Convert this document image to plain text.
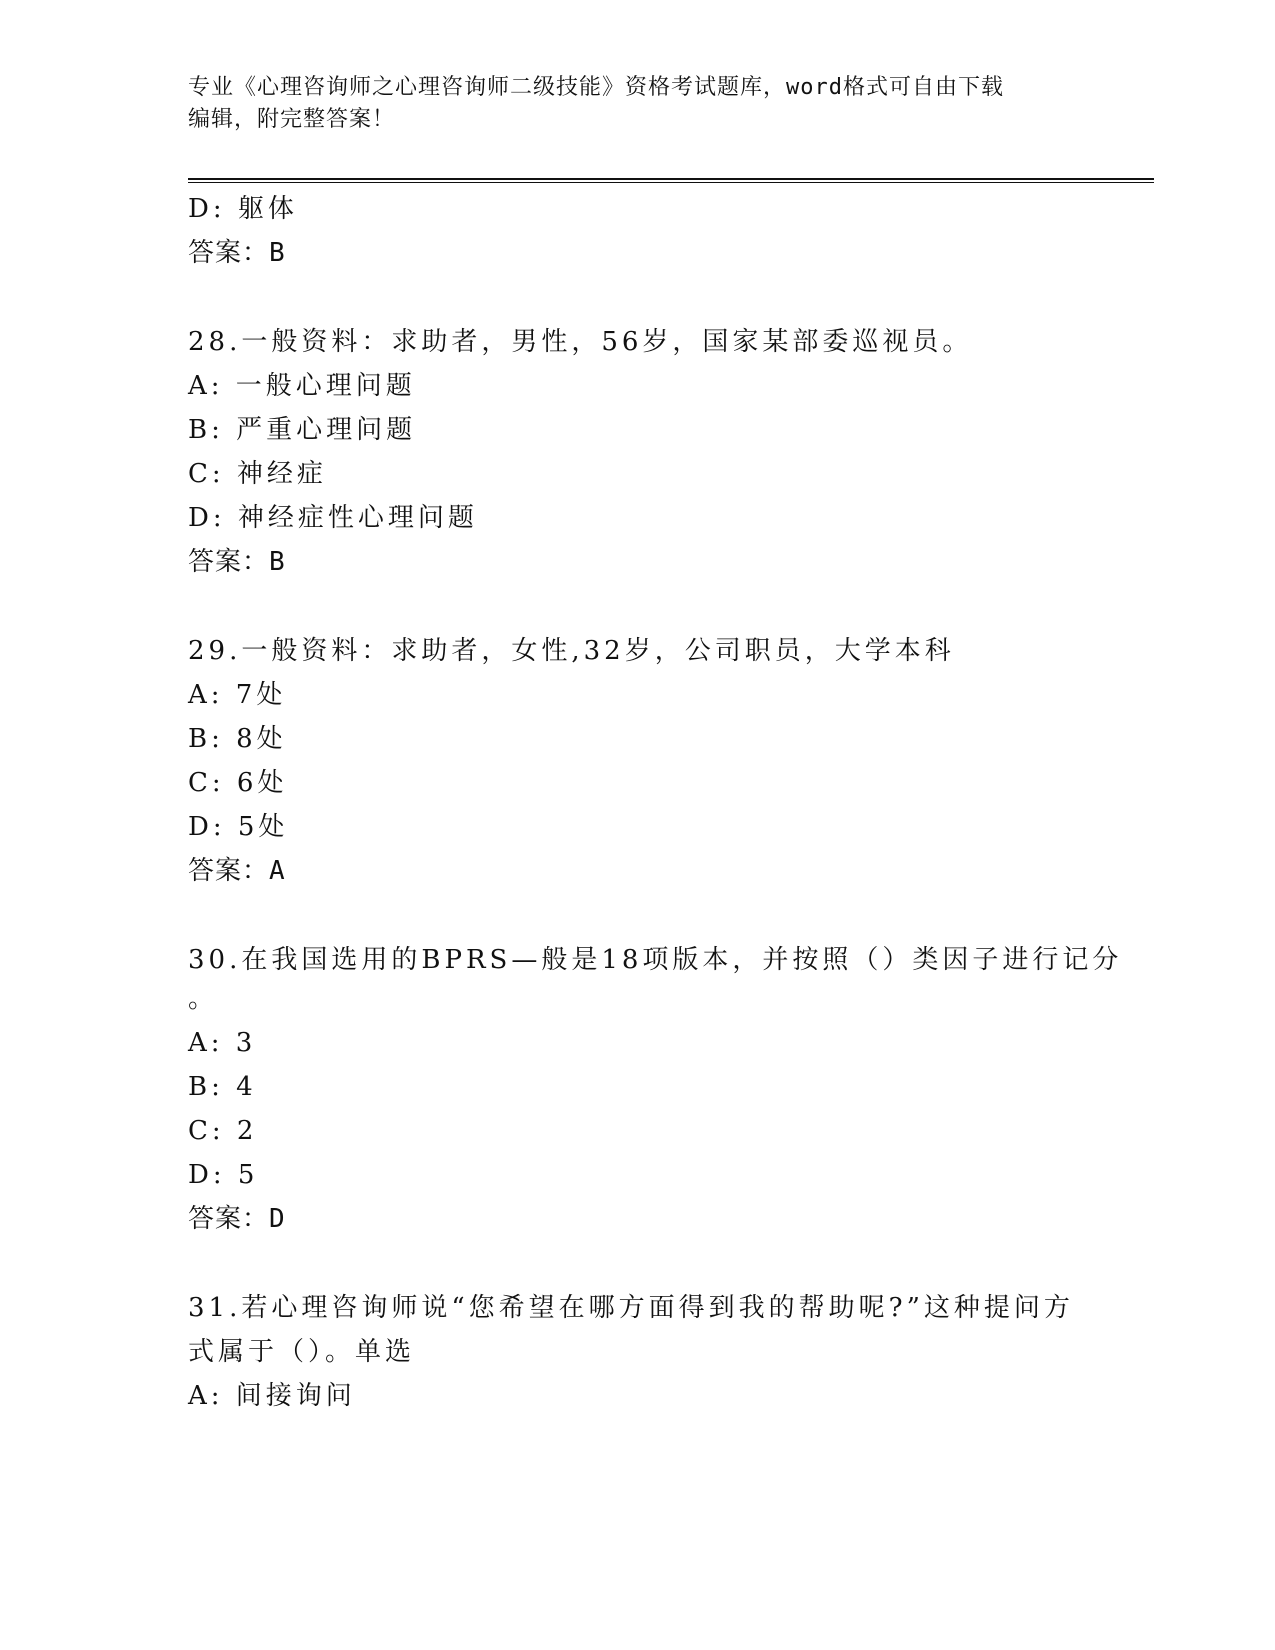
专业《心理咨询师之心理咨询师二级技能》资格考试题库，word格式可自由下载
编辑，附完整答案！
D: 躯体
答案：B
28.一般资料：求助者，男性，56岁，国家某部委巡视员。
A: 一般心理问题
B: 严重心理问题
C: 神经症
D: 神经症性心理问题
答案：B
29.一般资料：求助者，女性,32岁，公司职员，大学本科
A: 7处
B: 8处
C: 6处
D: 5处
答案：A
30.在我国选用的BPRS—般是18项版本，并按照（）类因子进行记分
。
A: 3
B: 4
C: 2
D: 5
答案：D
31.若心理咨询师说“您希望在哪方面得到我的帮助呢?”这种提问方
式属于（）。单选
A: 间接询问
